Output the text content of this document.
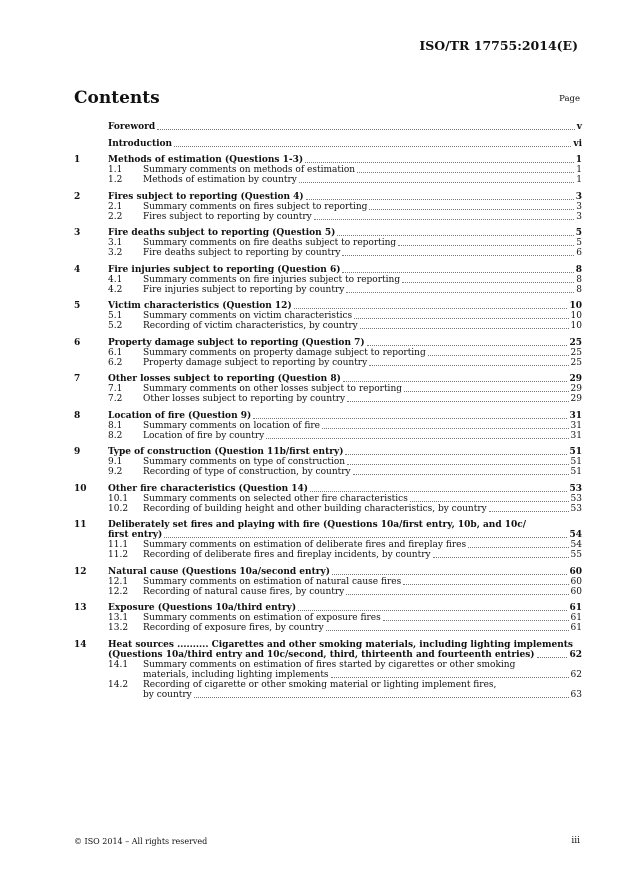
ISO/TR 17755:2014(E)
Contents	Page
Foreword	v
Introduction	vi
1	Methods of estimation (Questions 1-3)	1
1.1	Summary comments on methods of estimation	1
1.2	Methods of estimation by country	1
2	Fires subject to reporting (Question 4)	3
2.1	Summary comments on fires subject to reporting	3
2.2	Fires subject to reporting by country	3
3	Fire deaths subject to reporting (Question 5)	5
3.1	Summary comments on fire deaths subject to reporting	5
3.2	Fire deaths subject to reporting by country	6
4	Fire injuries subject to reporting (Question 6)	8
4.1	Summary comments on fire injuries subject to reporting	8
4.2	Fire injuries subject to reporting by country	8
5	Victim characteristics (Question 12)	10
5.1	Summary comments on victim characteristics	10
5.2	Recording of victim characteristics, by country	10
6	Property damage subject to reporting (Question 7)	25
6.1	Summary comments on property damage subject to reporting	25
6.2	Property damage subject to reporting by country	25
7	Other losses subject to reporting (Question 8)	29
7.1	Summary comments on other losses subject to reporting	29
7.2	Other losses subject to reporting by country	29
8	Location of fire (Question 9)	31
8.1	Summary comments on location of fire	31
8.2	Location of fire by country	31
9	Type of construction (Question 11b/first entry)	51
9.1	Summary comments on type of construction	51
9.2	Recording of type of construction, by country	51
10	Other fire characteristics (Question 14)	53
10.1	Summary comments on selected other fire characteristics	53
10.2	Recording of building height and other building characteristics, by country	53
11	Deliberately set fires and playing with fire (Questions 10a/first entry, 10b, and 10c/
first entry)	54
11.1	Summary comments on estimation of deliberate fires and fireplay fires	54
11.2	Recording of deliberate fires and fireplay incidents, by country	55
12	Natural cause (Questions 10a/second entry)	60
12.1	Summary comments on estimation of natural cause fires	60
12.2	Recording of natural cause fires, by country	60
13	Exposure (Questions 10a/third entry)	61
13.1	Summary comments on estimation of exposure fires	61
13.2	Recording of exposure fires, by country	61
14	Heat sources .......... Cigarettes and other smoking materials, including lighting implements
(Questions 10a/third entry and 10c/second, third, thirteenth and fourteenth entries)	62
14.1	Summary comments on estimation of fires started by cigarettes or other smoking
materials, including lighting implements	62
14.2	Recording of cigarette or other smoking material or lighting implement fires,
by country	63
© ISO 2014 – All rights reserved	iii
